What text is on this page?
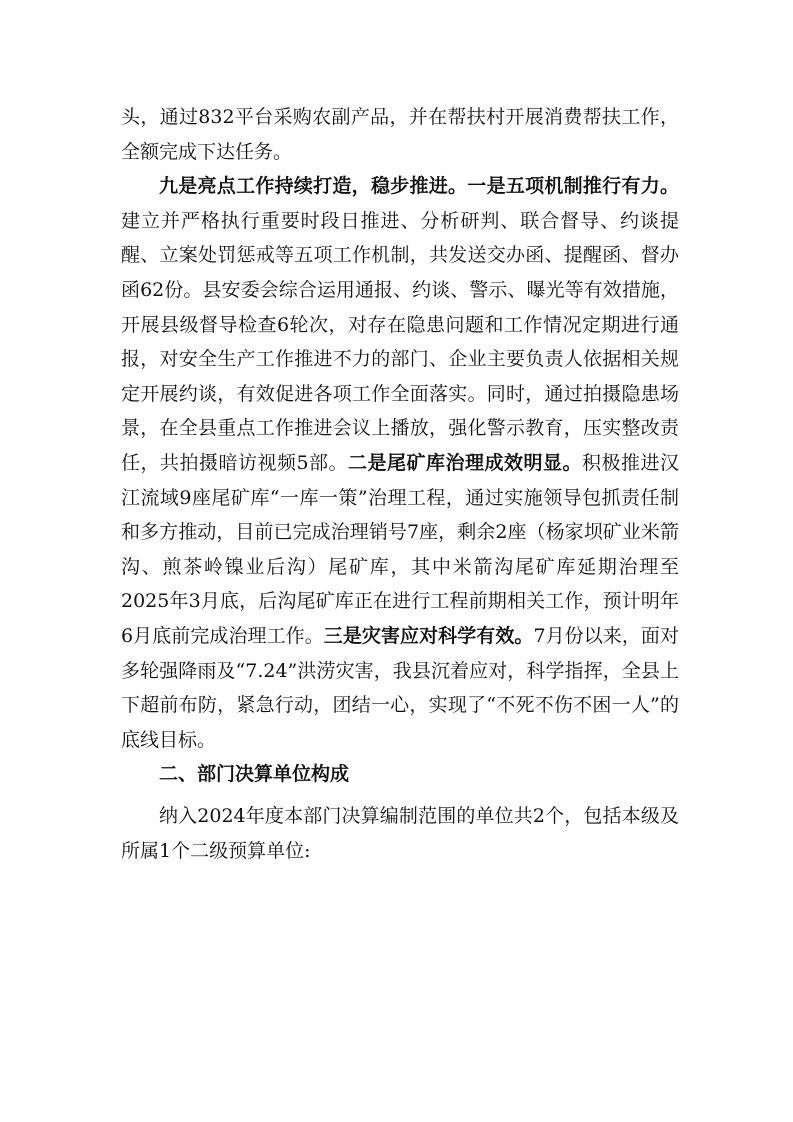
头，通过832平台采购农副产品，并在帮扶村开展消费帮扶工作，全额完成下达任务。

九是亮点工作持续打造，稳步推进。一是五项机制推行有力。建立并严格执行重要时段日推进、分析研判、联合督导、约谈提醒、立案处罚惩戒等五项工作机制，共发送交办函、提醒函、督办函62份。县安委会综合运用通报、约谈、警示、曝光等有效措施，开展县级督导检查6轮次，对存在隐患问题和工作情况定期进行通报，对安全生产工作推进不力的部门、企业主要负责人依据相关规定开展约谈，有效促进各项工作全面落实。同时，通过拍摄隐患场景，在全县重点工作推进会议上播放，强化警示教育，压实整改责任，共拍摄暗访视频5部。二是尾矿库治理成效明显。积极推进汉江流域9座尾矿库“一库一策”治理工程，通过实施领导包抓责任制和多方推动，目前已完成治理销号7座，剩余2座（杨家坝矿业米箭沟、煎茶岭镍业后沟）尾矿库，其中米箭沟尾矿库延期治理至2025年3月底，后沟尾矿库正在进行工程前期相关工作，预计明年6月底前完成治理工作。三是灾害应对科学有效。7月份以来，面对多轮强降雨及“7.24”洪涝灾害，我县沉着应对，科学指挥，全县上下超前布防，紧急行动，团结一心，实现了“不死不伤不困一人”的底线目标。

二、部门决算单位构成

纳入2024年度本部门决算编制范围的单位共2个，包括本级及所属1个二级预算单位:
